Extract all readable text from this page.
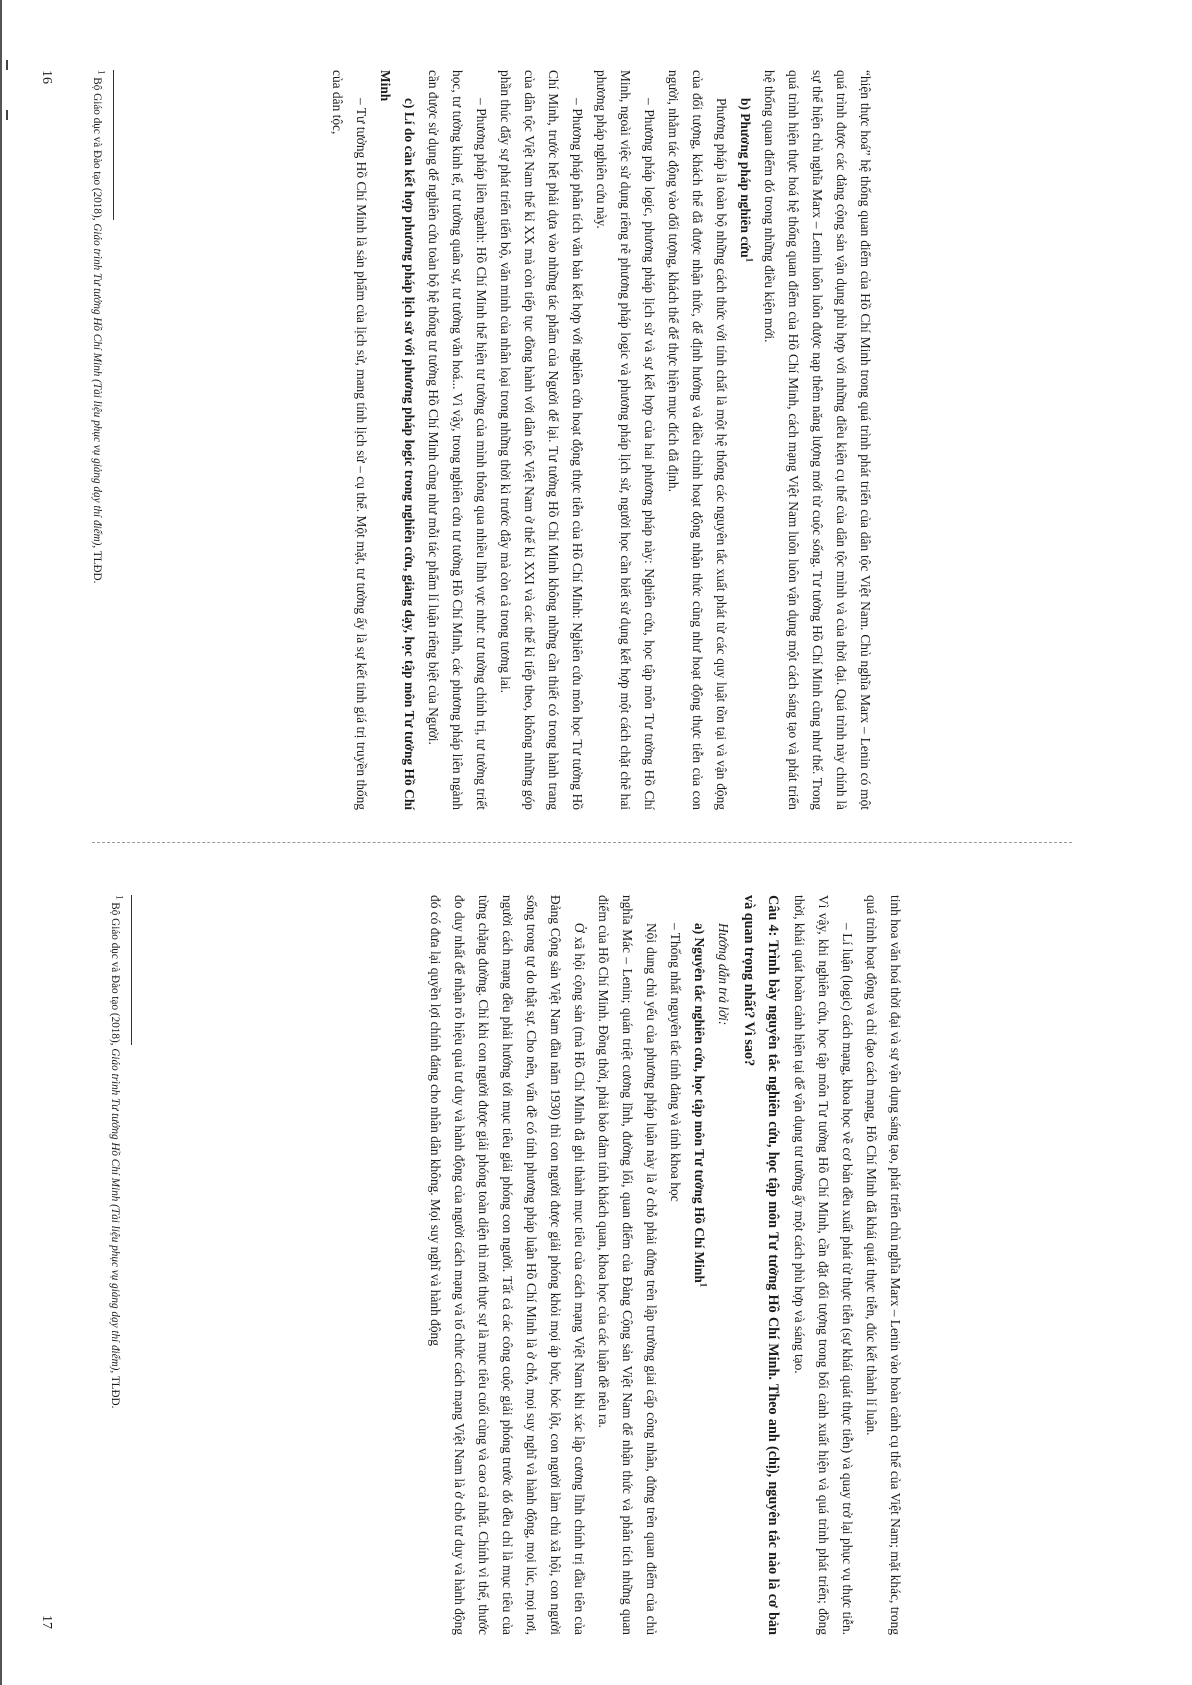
“hiện thực hoá” hệ thống quan điểm của Hồ Chí Minh trong quá trình phát triển của dân tộc Việt Nam. Chủ nghĩa Marx – Lenin có một quá trình được các đảng cộng sản vận dụng phù hợp với những điều kiện cụ thể của dân tộc mình và của thời đại. Quá trình này chính là sự thể hiện chủ nghĩa Marx – Lenin luôn luôn được nạp thêm năng lượng mới từ cuộc sống. Tư tưởng Hồ Chí Minh cũng như thế. Trong quá trình hiện thực hoá hệ thống quan điểm của Hồ Chí Minh, cách mạng Việt Nam luôn luôn vận dụng một cách sáng tạo và phát triển hệ thống quan điểm đó trong những điều kiện mới.

b) Phương pháp nghiên cứu$^1$

Phương pháp là toàn bộ những cách thức với tính chất là một hệ thống các nguyên tắc xuất phát từ các quy luật tồn tại và vận động của đối tượng, khách thể đã được nhận thức, để định hướng và điều chỉnh hoạt động nhận thức cũng như hoạt động thực tiễn của con người, nhằm tác động vào đối tượng, khách thể để thực hiện mục đích đã định.

– Phương pháp logic, phương pháp lịch sử và sự kết hợp của hai phương pháp này: Nghiên cứu, học tập môn Tư tưởng Hồ Chí Minh, ngoài việc sử dụng riêng rẽ phương pháp logic và phương pháp lịch sử, người học cần biết sử dụng kết hợp một cách chặt chẽ hai phương pháp nghiên cứu này.

– Phương pháp phân tích văn bản kết hợp với nghiên cứu hoạt động thực tiễn của Hồ Chí Minh: Nghiên cứu môn học Tư tưởng Hồ Chí Minh, trước hết phải dựa vào những tác phẩm của Người để lại. Tư tưởng Hồ Chí Minh không những cần thiết có trong hành trang của dân tộc Việt Nam thế kỉ XX mà còn tiếp tục đồng hành với dân tộc Việt Nam ở thế kỉ XXI và các thế kỉ tiếp theo, không những góp phần thúc đẩy sự phát triển tiến bộ, văn minh của nhân loại trong những thời kì trước đây mà còn cả trong tương lai.

– Phương pháp liên ngành: Hồ Chí Minh thể hiện tư tưởng của mình thông qua nhiều lĩnh vực như: tư tưởng chính trị, tư tưởng triết học, tư tưởng kinh tế, tư tưởng quân sự, tư tưởng văn hoá... Vì vậy, trong nghiên cứu tư tưởng Hồ Chí Minh, các phương pháp liên ngành cần được sử dụng để nghiên cứu toàn bộ hệ thống tư tưởng Hồ Chí Minh cũng như mỗi tác phẩm lí luận riêng biệt của Người.

c) Lí do cần kết hợp phương pháp lịch sử với phương pháp logic trong nghiên cứu, giảng dạy, học tập môn Tư tưởng Hồ Chí Minh

– Tư tưởng Hồ Chí Minh là sản phẩm của lịch sử, mang tính lịch sử – cụ thể. Một mặt, tư tưởng ấy là sự kết tinh giá trị truyền thống của dân tộc,

$^1$ Bộ Giáo dục và Đào tạo (2018), Giáo trình Tư tưởng Hồ Chí Minh (Tài liệu phục vụ giảng dạy thí điểm), TLĐD.
16

tinh hoa văn hoá thời đại và sự vận dụng sáng tạo, phát triển chủ nghĩa Marx – Lenin vào hoàn cảnh cụ thể của Việt Nam; mặt khác, trong quá trình hoạt động và chỉ đạo cách mạng, Hồ Chí Minh đã khái quát thực tiễn, đúc kết thành lí luận.

– Lí luận (logic) cách mạng, khoa học về cơ bản đều xuất phát từ thực tiễn (sự khái quát thực tiễn) và quay trở lại phục vụ thực tiễn. Vì vậy, khi nghiên cứu, học tập môn Tư tưởng Hồ Chí Minh, cần đặt đối tượng trong bối cảnh xuất hiện và quá trình phát triển; đồng thời, khái quát hoàn cảnh hiện tại để vận dụng tư tưởng ấy một cách phù hợp và sáng tạo.

Câu 4: Trình bày nguyên tắc nghiên cứu, học tập môn Tư tưởng Hồ Chí Minh. Theo anh (chị), nguyên tắc nào là cơ bản và quan trọng nhất? Vì sao?

Hướng dẫn trả lời:

a) Nguyên tắc nghiên cứu, học tập môn Tư tưởng Hồ Chí Minh$^1$

– Thống nhất nguyên tắc tính đảng và tính khoa học

Nội dung chủ yếu của phương pháp luận này là ở chỗ phải đứng trên lập trường giai cấp công nhân, đứng trên quan điểm của chủ nghĩa Mác – Lenin; quán triệt cương lĩnh, đường lối, quan điểm của Đảng Cộng sản Việt Nam để nhận thức và phân tích những quan điểm của Hồ Chí Minh. Đồng thời, phải bảo đảm tính khách quan, khoa học của các luận đề nêu ra.

Ở xã hội cộng sản (mà Hồ Chí Minh đã ghi thành mục tiêu của cách mạng Việt Nam khi xác lập cương lĩnh chính trị đầu tiên của Đảng Cộng sản Việt Nam đầu năm 1930) thì con người được giải phóng khỏi mọi áp bức, bóc lột, con người làm chủ xã hội, con người sống trong tự do thật sự. Cho nên, vấn đề có tính phương pháp luận Hồ Chí Minh là ở chỗ, mọi suy nghĩ và hành động, mọi lúc, mọi nơi, người cách mạng đều phải hướng tới mục tiêu giải phóng con người. Tất cả các công cuộc giải phóng trước đó đều chỉ là mục tiêu của từng chặng đường. Chỉ khi con người được giải phóng toàn diện thì mới thực sự là mục tiêu cuối cùng và cao cả nhất. Chính vì thế, thước đo duy nhất để nhận rõ hiệu quả tư duy và hành động của người cách mạng và tổ chức cách mạng Việt Nam là ở chỗ tư duy và hành động đó có đưa lại quyền lợi chính đáng cho nhân dân không. Mọi suy nghĩ và hành động

$^1$ Bộ Giáo dục và Đào tạo (2018), Giáo trình Tư tưởng Hồ Chí Minh (Tài liệu phục vụ giảng dạy thí điểm), TLĐD.
17
